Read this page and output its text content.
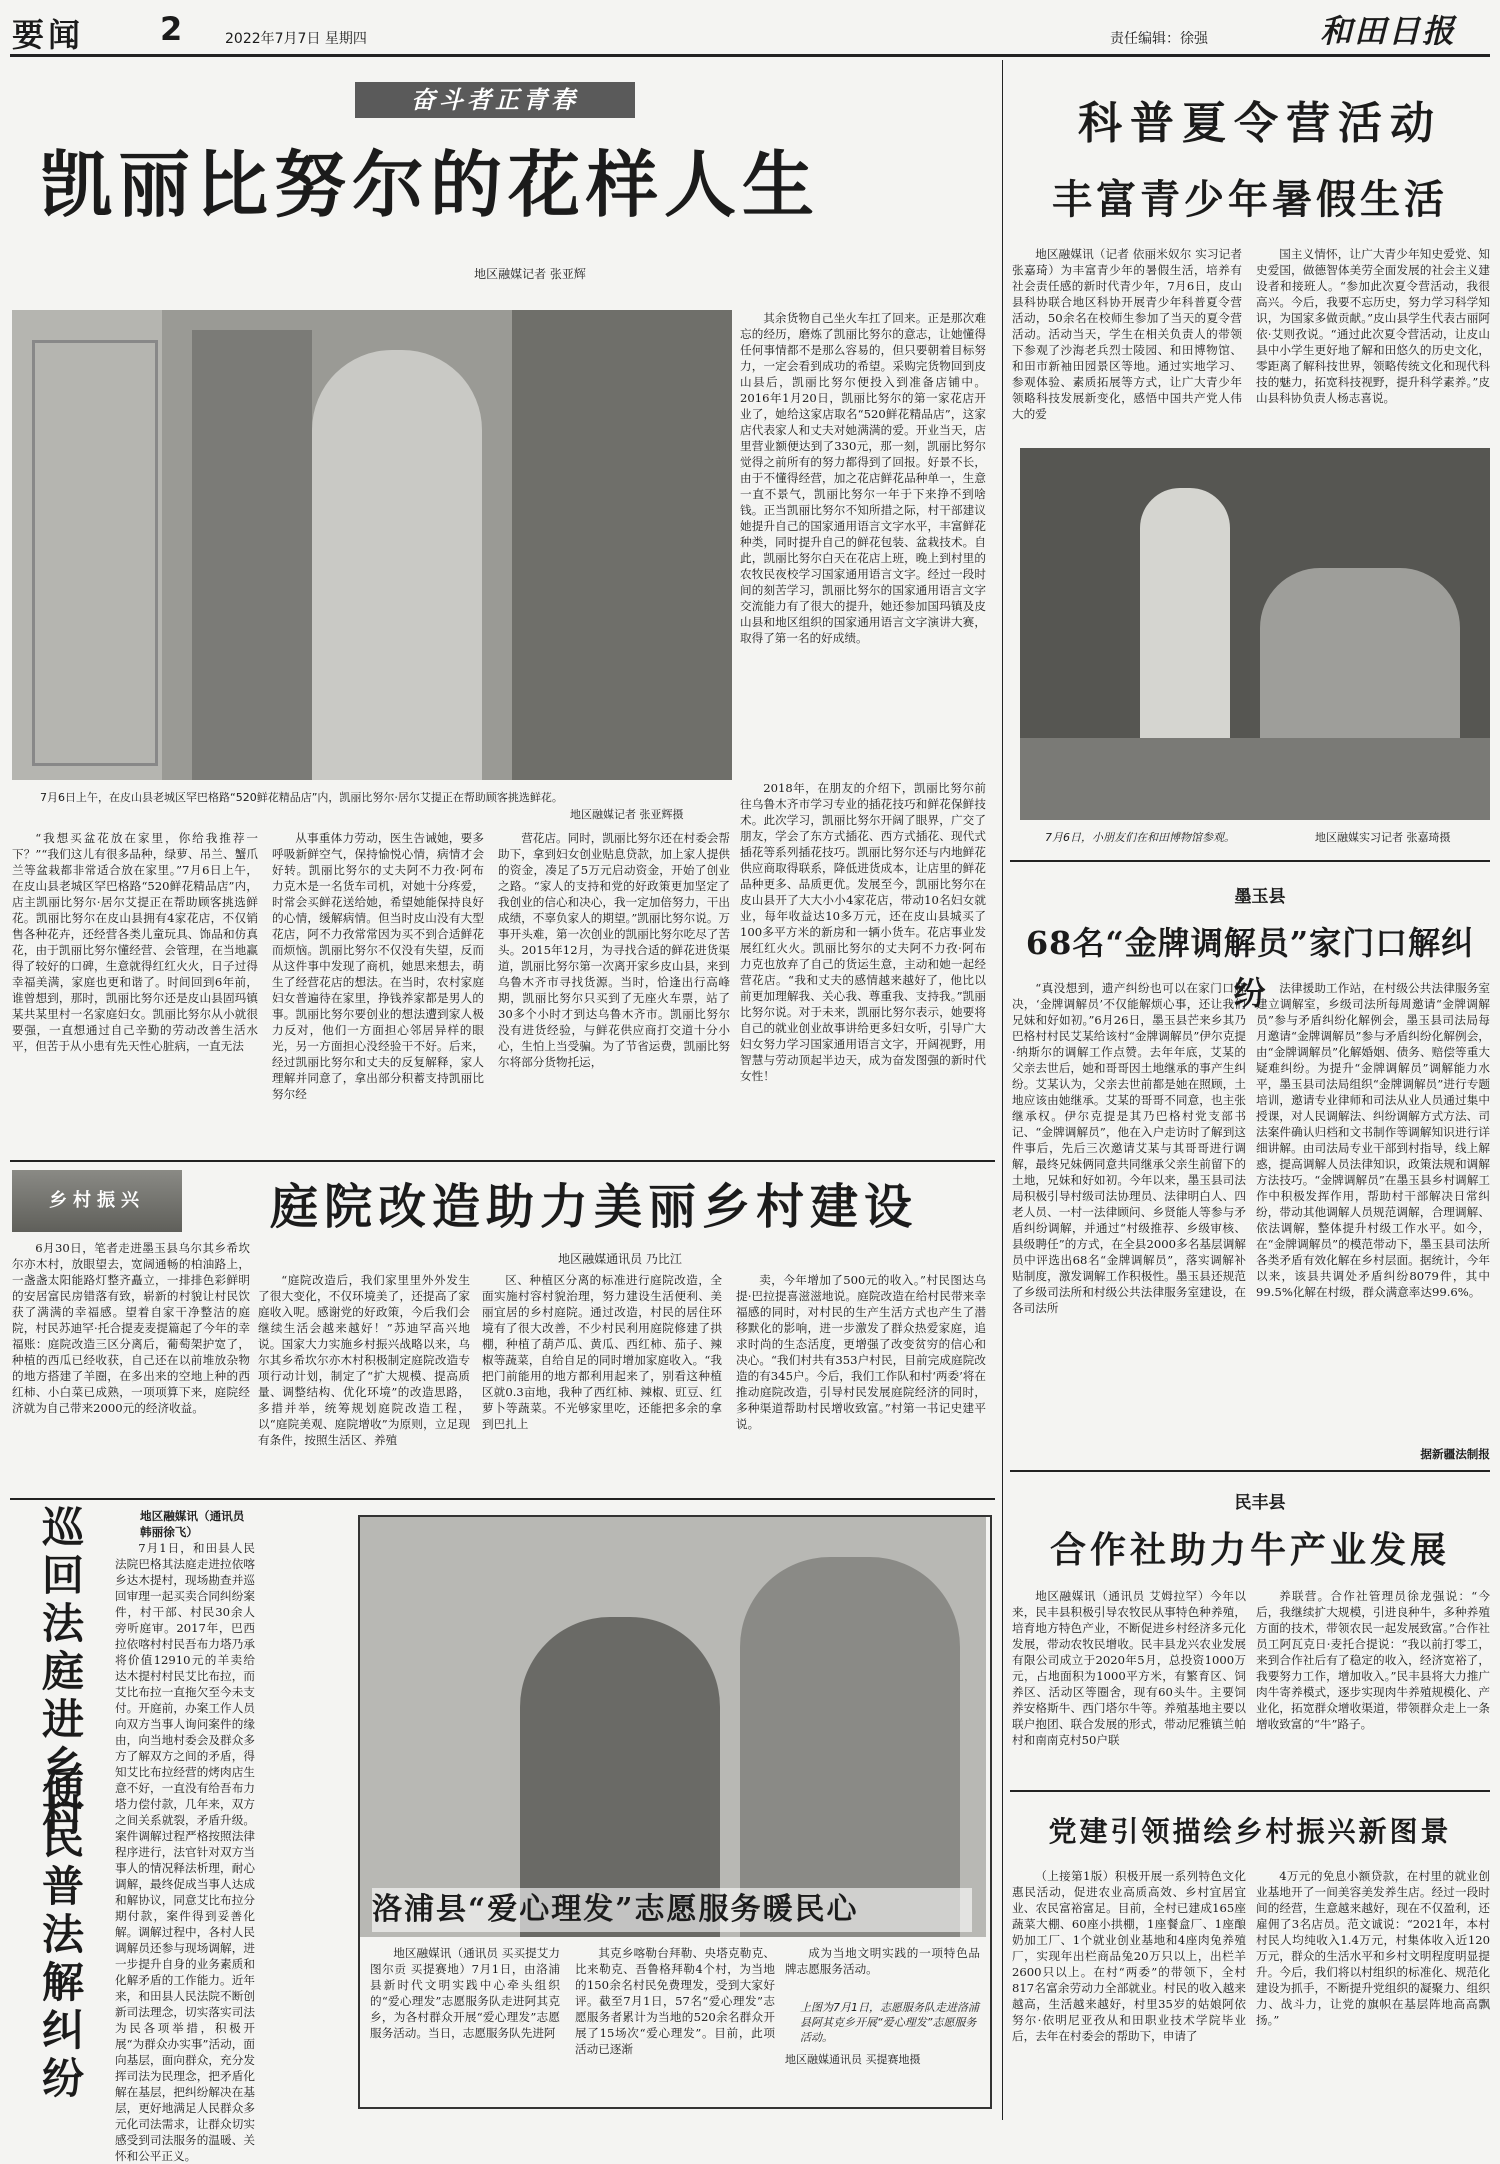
要闻 2	2022年7月7日 星期四	责任编辑：徐强	和田日报
奋斗者正青春
凯丽比努尔的花样人生
地区融媒记者 张亚辉
7月6日上午，在皮山县老城区罕巴格路“520鲜花精品店”内，凯丽比努尔·居尔艾提正在帮助顾客挑选鲜花。
地区融媒记者 张亚辉摄
其余货物自己坐火车扛了回来。正是那次难忘的经历，磨炼了凯丽比努尔的意志，让她懂得任何事情都不是那么容易的，但只要朝着目标努力，一定会看到成功的希望。采购完货物回到皮山县后，凯丽比努尔便投入到准备店铺中。2016年1月20日，凯丽比努尔的第一家花店开业了，她给这家店取名“520鲜花精品店”，这家店代表家人和丈夫对她满满的爱。开业当天，店里营业额便达到了330元，那一刻，凯丽比努尔觉得之前所有的努力都得到了回报。好景不长，由于不懂得经营，加之花店鲜花品种单一，生意一直不景气，凯丽比努尔一年于下来挣不到啥钱。正当凯丽比努尔不知所措之际，村干部建议她提升自己的国家通用语言文字水平，丰富鲜花种类，同时提升自己的鲜花包装、盆栽技术。自此，凯丽比努尔白天在花店上班，晚上到村里的农牧民夜校学习国家通用语言文字。经过一段时间的刻苦学习，凯丽比努尔的国家通用语言文字交流能力有了很大的提升，她还参加国玛镇及皮山县和地区组织的国家通用语言文字演讲大赛，取得了第一名的好成绩。
2018年，在朋友的介绍下，凯丽比努尔前往乌鲁木齐市学习专业的插花技巧和鲜花保鲜技术。此次学习，凯丽比努尔开阔了眼界，广交了朋友，学会了东方式插花、西方式插花、现代式插花等系列插花技巧。凯丽比努尔还与内地鲜花供应商取得联系，降低进货成本，让店里的鲜花品种更多、品质更优。发展至今，凯丽比努尔在皮山县开了大大小小4家花店，带动10名妇女就业，每年收益达10多万元，还在皮山县城买了100多平方米的新房和一辆小货车。花店事业发展红红火火。凯丽比努尔的丈夫阿不力孜·阿布力克也放弃了自己的货运生意，主动和她一起经营花店。“我和丈夫的感情越来越好了，他比以前更加理解我、关心我、尊重我、支持我。”凯丽比努尔说。对于未来，凯丽比努尔表示，她要将自己的就业创业故事讲给更多妇女听，引导广大妇女努力学习国家通用语言文字，开阔视野，用智慧与劳动顶起半边天，成为奋发图强的新时代女性！
“我想买盆花放在家里，你给我推荐一下？”“我们这儿有很多品种，绿萝、吊兰、蟹爪兰等盆栽都非常适合放在家里。”7月6日上午，在皮山县老城区罕巴格路“520鲜花精品店”内，店主凯丽比努尔·居尔艾提正在帮助顾客挑选鲜花。凯丽比努尔在皮山县拥有4家花店，不仅销售各种花卉，还经营各类儿童玩具、饰品和仿真花，由于凯丽比努尔懂经营、会管理，在当地赢得了较好的口碑，生意就得红红火火，日子过得幸福美满，家庭也更和谐了。时间回到6年前，谁曾想到，那时，凯丽比努尔还是皮山县固玛镇某共某里村一名家庭妇女。凯丽比努尔从小就很要强，一直想通过自己辛勤的劳动改善生活水平，但苦于从小患有先天性心脏病，一直无法
从事重体力劳动，医生告诫她，要多呼吸新鲜空气，保持愉悦心情，病情才会好转。凯丽比努尔的丈夫阿不力孜·阿布力克木是一名货车司机，对她十分疼爱，时常会买鲜花送给她，希望她能保持良好的心情，缓解病情。但当时皮山没有大型花店，阿不力孜常常因为买不到合适鲜花而烦恼。凯丽比努尔不仅没有失望，反而从这件事中发现了商机，她思来想去，萌生了经营花店的想法。在当时，农村家庭妇女普遍待在家里，挣钱养家都是男人的事。凯丽比努尔要创业的想法遭到家人极力反对，他们一方面担心邻居异样的眼光，另一方面担心没经验干不好。后来，经过凯丽比努尔和丈夫的反复解释，家人理解并同意了，拿出部分积蓄支持凯丽比努尔经
营花店。同时，凯丽比努尔还在村委会帮助下，拿到妇女创业贴息贷款，加上家人提供的资金，凑足了5万元启动资金，开始了创业之路。“家人的支持和党的好政策更加坚定了我创业的信心和决心，我一定加倍努力，干出成绩，不辜负家人的期望。”凯丽比努尔说。万事开头难，第一次创业的凯丽比努尔吃尽了苦头。2015年12月，为寻找合适的鲜花进货渠道，凯丽比努尔第一次离开家乡皮山县，来到乌鲁木齐市寻找货源。当时，恰逢出行高峰期，凯丽比努尔只买到了无座火车票，站了30多个小时才到达乌鲁木齐市。凯丽比努尔没有进货经验，与鲜花供应商打交道十分小心，生怕上当受骗。为了节省运费，凯丽比努尔将部分货物托运，
乡村振兴	庭院改造助力美丽乡村建设
地区融媒通讯员 乃比江
6月30日，笔者走进墨玉县乌尔其乡希坎尔亦木村，放眼望去，宽阔通畅的柏油路上，一盏盏太阳能路灯整齐矗立，一排排色彩鲜明的安居富民房错落有致，崭新的村貌让村民饮获了满满的幸福感。望着自家干净整洁的庭院，村民苏迪罕·托合提麦麦提篇起了今年的幸福账：庭院改造三区分离后，葡萄架护宽了，种植的西瓜已经收获，自己还在以前堆放杂物的地方搭建了羊圈，在多出来的空地上种的西红柿、小白菜已成熟，一项项算下来，庭院经济就为自己带来2000元的经济收益。
“庭院改造后，我们家里里外外发生了很大变化，不仅环境美了，还提高了家庭收入呢。感谢党的好政策，今后我们会继续生活会越来越好！”苏迪罕高兴地说。国家大力实施乡村振兴战略以来，乌尔其乡希坎尔亦木村积极制定庭院改造专项行动计划，制定了“扩大规模、提高质量、调整结构、优化环境”的改造思路，多措并举，统筹规划庭院改造工程，以“庭院美观、庭院增收”为原则，立足现有条件，按照生活区、养殖
区、种植区分离的标准进行庭院改造，全面实施村容村貌治理，努力建设生活便利、美丽宜居的乡村庭院。通过改造，村民的居住环境有了很大改善，不少村民利用庭院修建了拱棚，种植了葫芦瓜、黄瓜、西红柿、茄子、辣椒等蔬菜，自给自足的同时增加家庭收入。“我把门前能用的地方都利用起来了，别看这种植区就0.3亩地，我种了西红柿、辣椒、豇豆、红萝卜等蔬菜。不光够家里吃，还能把多余的拿到巴扎上
卖，今年增加了500元的收入。”村民图达乌提·巴拉提喜滋滋地说。庭院改造在给村民带来幸福感的同时，对村民的生产生活方式也产生了潜移默化的影响，进一步激发了群众热爱家庭，追求时尚的生态活度，更增强了改变贫穷的信心和决心。“我们村共有353户村民，目前完成庭院改造的有345户。今后，我们工作队和村‘两委’将在推动庭院改造，引导村民发展庭院经济的同时，多种渠道帮助村民增收致富。”村第一书记史建平说。
巡回法庭进乡村
便民普法解纠纷
地区融媒讯（通讯员 韩丽徐飞）
7月1日，和田县人民法院巴格其法庭走进拉依喀乡达木提村，现场勘查并巡回审理一起买卖合同纠纷案件，村干部、村民30余人旁听庭审。2017年，巴西拉依喀村村民吾布力塔乃承将价值12910元的羊卖给达木提村村民艾比布拉，而艾比布拉一直拖欠至今未支付。开庭前，办案工作人员向双方当事人询问案件的缘由，向当地村委会及群众多方了解双方之间的矛盾，得知艾比布拉经营的烤肉店生意不好，一直没有给吾布力塔力偿付款，几年来，双方之间关系就裂，矛盾升级。案件调解过程严格按照法律程序进行，法官针对双方当事人的情况释法析理，耐心调解，最终促成当事人达成和解协议，同意艾比布拉分期付款，案件得到妥善化解。调解过程中，各村人民调解员还参与现场调解，进一步提升自身的业务素质和化解矛盾的工作能力。近年来，和田县人民法院不断创新司法理念，切实落实司法为民各项举措，积极开展“为群众办实事”活动，面向基层，面向群众，充分发挥司法为民理念，把矛盾化解在基层，把纠纷解决在基层，更好地满足人民群众多元化司法需求，让群众切实感受到司法服务的温暖、关怀和公平正义。
洛浦县“爱心理发”志愿服务暖民心
地区融媒讯（通讯员 买买提艾力 图尔贡 买提赛地）7月1日，由洛浦县新时代文明实践中心牵头组织的“爱心理发”志愿服务队走进阿其克乡，为各村群众开展“爱心理发”志愿服务活动。当日，志愿服务队先进阿
其克乡喀勒台拜勒、央塔克勒克、比来勒克、吾鲁格拜勒4个村，为当地的150余名村民免费理发，受到大家好评。截至7月1日，57名“爱心理发”志愿服务者累计为当地的520余名群众开展了15场次“爱心理发”。目前，此项活动已逐渐
成为当地文明实践的一项特色品牌志愿服务活动。
上图为7月1日，志愿服务队走进洛浦县阿其克乡开展“爱心理发”志愿服务活动。
地区融媒通讯员 买提赛地摄
科普夏令营活动
丰富青少年暑假生活
地区融媒讯（记者 依丽米奴尔 实习记者 张嘉琦）为丰富青少年的暑假生活，培养有社会责任感的新时代青少年，7月6日，皮山县科协联合地区科协开展青少年科普夏令营活动，50余名在校师生参加了当天的夏令营活动。活动当天，学生在相关负责人的带领下参观了沙海老兵烈士陵园、和田博物馆、和田市新袖田园景区等地。通过实地学习、参观体验、素质拓展等方式，让广大青少年领略科技发展新变化，感悟中国共产党人伟大的爱
国主义情怀，让广大青少年知史爱党、知史爱国，做德智体美劳全面发展的社会主义建设者和接班人。“参加此次夏令营活动，我很高兴。今后，我要不忘历史，努力学习科学知识，为国家多做贡献。”皮山县学生代表古丽阿依·艾则孜说。“通过此次夏令营活动，让皮山县中小学生更好地了解和田悠久的历史文化，零距离了解科技世界，领略传统文化和现代科技的魅力，拓宽科技视野，提升科学素养。”皮山县科协负责人杨志喜说。
7月6日，小朋友们在和田博物馆参观。	地区融媒实习记者 张嘉琦摄
墨玉县
68名“金牌调解员”家门口解纠纷
“真没想到，遗产纠纷也可以在家门口解决，‘金牌调解员’不仅能解烦心事，还让我们兄妹和好如初。”6月26日，墨玉县芒来乡其乃巴格村村民艾某给该村“金牌调解员”伊尔克提·纳斯尔的调解工作点赞。去年年底，艾某的父亲去世后，她和哥哥因土地继承的事产生纠纷。艾某认为，父亲去世前都是她在照顾，土地应该由她继承。艾某的哥哥不同意，也主张继承权。伊尔克提是其乃巴格村党支部书记、“金牌调解员”，他在入户走访时了解到这件事后，先后三次邀请艾某与其哥哥进行调解，最终兄妹俩同意共同继承父亲生前留下的土地，兄妹和好如初。今年以来，墨玉县司法局积极引导村级司法协理员、法律明白人、四老人员、一村一法律顾问、乡贤能人等参与矛盾纠纷调解，并通过“村级推荐、乡级审核、县级聘任”的方式，在全县2000多名基层调解员中评选出68名“金牌调解员”，落实调解补贴制度，激发调解工作积极性。墨玉县还规范了乡级司法所和村级公共法律服务室建设，在各司法所
法律援助工作站，在村级公共法律服务室建立调解室，乡级司法所每周邀请“金牌调解员”参与矛盾纠纷化解例会，墨玉县司法局每月邀请“金牌调解员”参与矛盾纠纷化解例会，由“金牌调解员”化解婚姻、债务、赔偿等重大疑难纠纷。为提升“金牌调解员”调解能力水平，墨玉县司法局组织“金牌调解员”进行专题培训，邀请专业律师和司法从业人员通过集中授课，对人民调解法、纠纷调解方式方法、司法案件确认归档和文书制作等调解知识进行详细讲解。由司法局专业干部到村指导，线上解惑，提高调解人员法律知识，政策法规和调解方法技巧。“金牌调解员”在墨玉县乡村调解工作中积极发挥作用，帮助村干部解决日常纠纷，带动其他调解人员规范调解，合理调解、依法调解，整体提升村级工作水平。如今，在“金牌调解员”的模范带动下，墨玉县司法所各类矛盾有效化解在乡村层面。据统计，今年以来，该县共调处矛盾纠纷8079件，其中99.5%化解在村级，群众满意率达99.6%。
据新疆法制报
民丰县
合作社助力牛产业发展
地区融媒讯（通讯员 艾姆拉罕）今年以来，民丰县积极引导农牧民从事特色种养殖，培育地方特色产业，不断促进乡村经济多元化发展，带动农牧民增收。民丰县龙兴农业发展有限公司成立于2020年5月，总投资1000万元，占地面积为1000平方米，有繁育区、饲养区、活动区等圈舍，现有60头牛。主要饲养安格斯牛、西门塔尔牛等。养殖基地主要以联户抱团、联合发展的形式，带动尼雅镇兰帕村和南南克村50户联
养联营。合作社管理员徐龙强说：“今后，我继续扩大规模，引进良种牛，多种养殖方面的技术，带领农民一起发展致富。”合作社员工阿瓦克日·麦托合提说：“我以前打零工，来到合作社后有了稳定的收入，经济宽裕了，我要努力工作，增加收入。”民丰县将大力推广肉牛寄养模式，逐步实现肉牛养殖规模化、产业化，拓宽群众增收渠道，带领群众走上一条增收致富的“牛”路子。
党建引领描绘乡村振兴新图景
（上接第1版）积极开展一系列特色文化惠民活动，促进农业高质高效、乡村宜居宜业、农民富裕富足。目前，全村已建成165座蔬菜大棚、60座小拱棚，1座餐盒厂、1座酿奶加工厂、1个就业创业基地和4座肉兔养殖厂，实现年出栏商品兔20万只以上，出栏羊2600只以上。在村“两委”的带领下，全村817名富余劳动力全部就业。村民的收入越来越高，生活越来越好，村里35岁的姑娘阿依努尔·依明尼亚孜从和田职业技术学院毕业后，去年在村委会的帮助下，申请了
4万元的免息小额贷款，在村里的就业创业基地开了一间美容美发养生店。经过一段时间的经营，生意越来越好，现在不仅盈利，还雇佣了3名店员。范文诚说：“2021年，本村村民人均纯收入1.4万元，村集体收入近120万元，群众的生活水平和乡村文明程度明显提升。今后，我们将以村组织的标准化、规范化建设为抓手，不断提升党组织的凝聚力、组织力、战斗力，让党的旗帜在基层阵地高高飘扬。”
